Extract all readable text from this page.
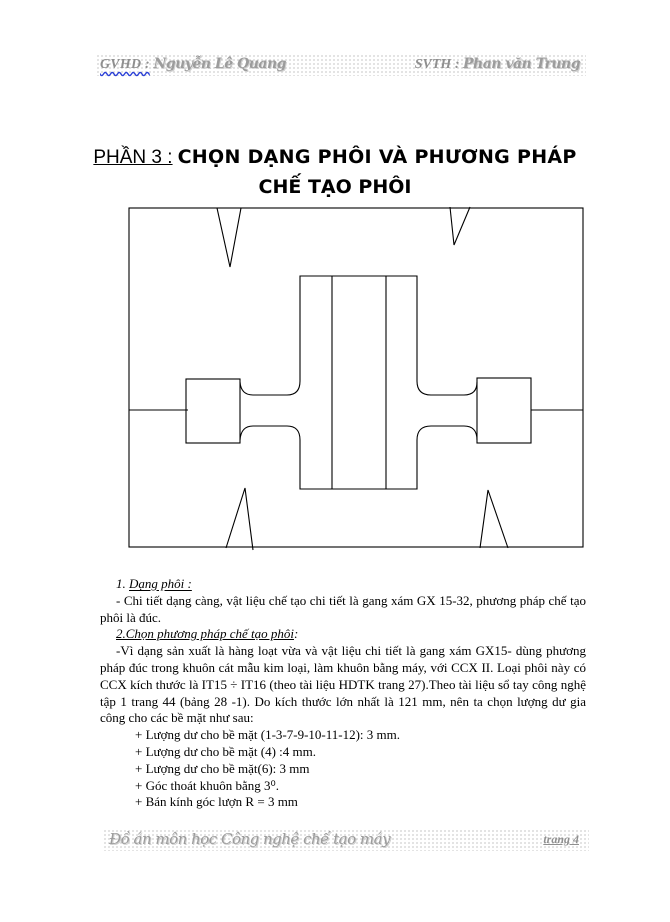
GVHD : Nguyễn Lê Quang	SVTH : Phan văn Trung
PHẦN 3 : CHỌN DẠNG PHÔI VÀ PHƯƠNG PHÁP
CHẾ TẠO PHÔI

1. Dạng phôi :

- Chi tiết dạng càng, vật liệu chế tạo chi tiết là gang xám GX 15-32, phương pháp chế tạo phôi là đúc.

2.Chọn phương pháp chế tạo phôi:

-Vì dạng sản xuất là hàng loạt vừa và vật liệu chi tiết là gang xám GX15- dùng phương pháp đúc trong khuôn cát mẫu kim loại, làm khuôn bằng máy, với CCX II. Loại phôi này có CCX kích thước là IT15 ÷ IT16 (theo tài liệu HDTK trang 27).Theo tài liệu sổ tay công nghệ tập 1 trang 44 (bảng 28 -1). Do kích thước lớn nhất là 121 mm, nên ta chọn lượng dư gia công cho các bề mặt như sau:

+ Lượng dư cho bề mặt (1-3-7-9-10-11-12): 3 mm.

+ Lượng dư cho bề mặt (4) :4 mm.

+ Lượng dư cho bề mặt(6): 3 mm

+ Góc thoát khuôn bằng 3⁰.

+ Bán kính góc lượn R = 3 mm

Đồ án môn học Công nghệ chế tạo máy	trang 4
